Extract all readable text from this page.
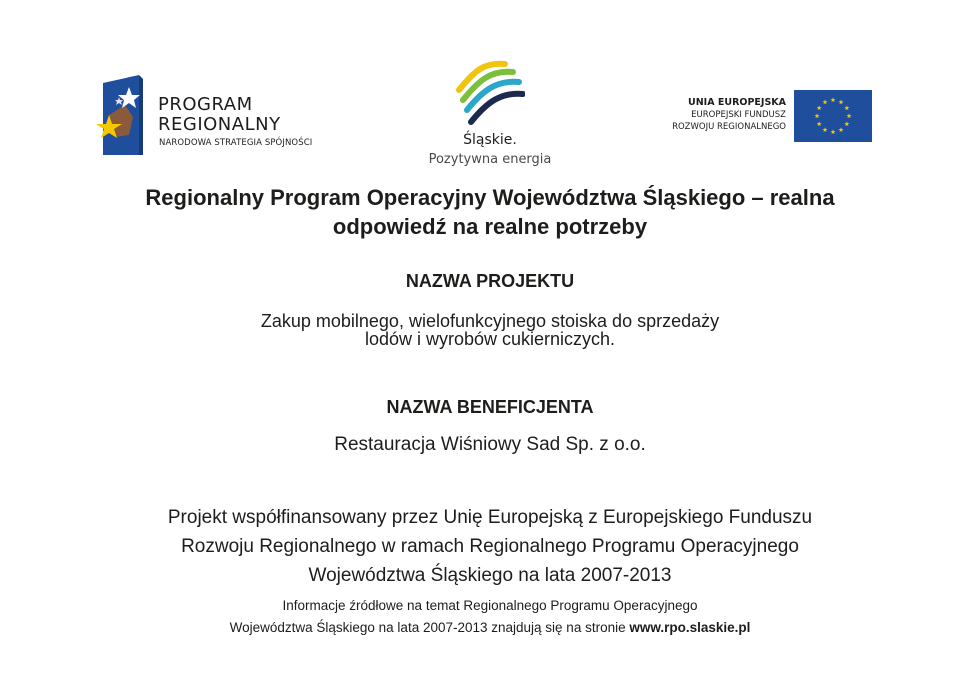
PROGRAM
REGIONALNY
NARODOWA STRATEGIA SPÓJNOŚCI	Śląskie.
Pozytywna energia
UNIA EUROPEJSKA
EUROPEJSKI FUNDUSZ
ROZWOJU REGIONALNEGO
Regionalny Program Operacyjny Województwa Śląskiego – realna
odpowiedź na realne potrzeby
NAZWA PROJEKTU
Zakup mobilnego, wielofunkcyjnego stoiska do sprzedaży
lodów i wyrobów cukierniczych.
NAZWA BENEFICJENTA
Restauracja Wiśniowy Sad Sp. z o.o.
Projekt współfinansowany przez Unię Europejską z Europejskiego Funduszu
Rozwoju Regionalnego w ramach Regionalnego Programu Operacyjnego
Województwa Śląskiego na lata 2007-2013
Informacje źródłowe na temat Regionalnego Programu Operacyjnego
Województwa Śląskiego na lata 2007-2013 znajdują się na stronie www.rpo.slaskie.pl
